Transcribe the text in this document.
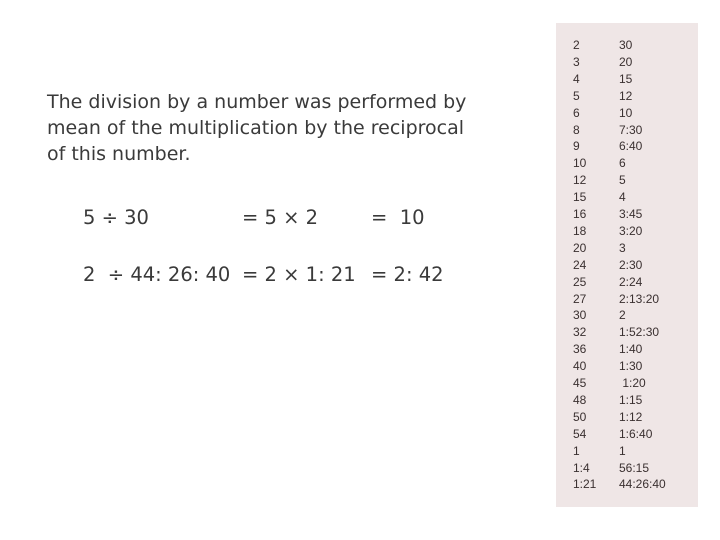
The division by a number was performed by mean of the multiplication by the reciprocal of this number.

5 ÷ 30	= 5 × 2	=  10
2  ÷ 44: 26: 40 = 2 × 1: 21 = 2: 42
2	30
3	20
4	15
5	12
6	10
8	7:30
9	6:40
10	6
12	5
15	4
16	3:45
18	3:20
20	3
24	2:30
25	2:24
27	2:13:20
30	2
32	1:52:30
36	1:40
40	1:30
45	1:20
48	1:15
50	1:12
54	1:6:40
1	1
1:4	56:15
1:21	44:26:40
